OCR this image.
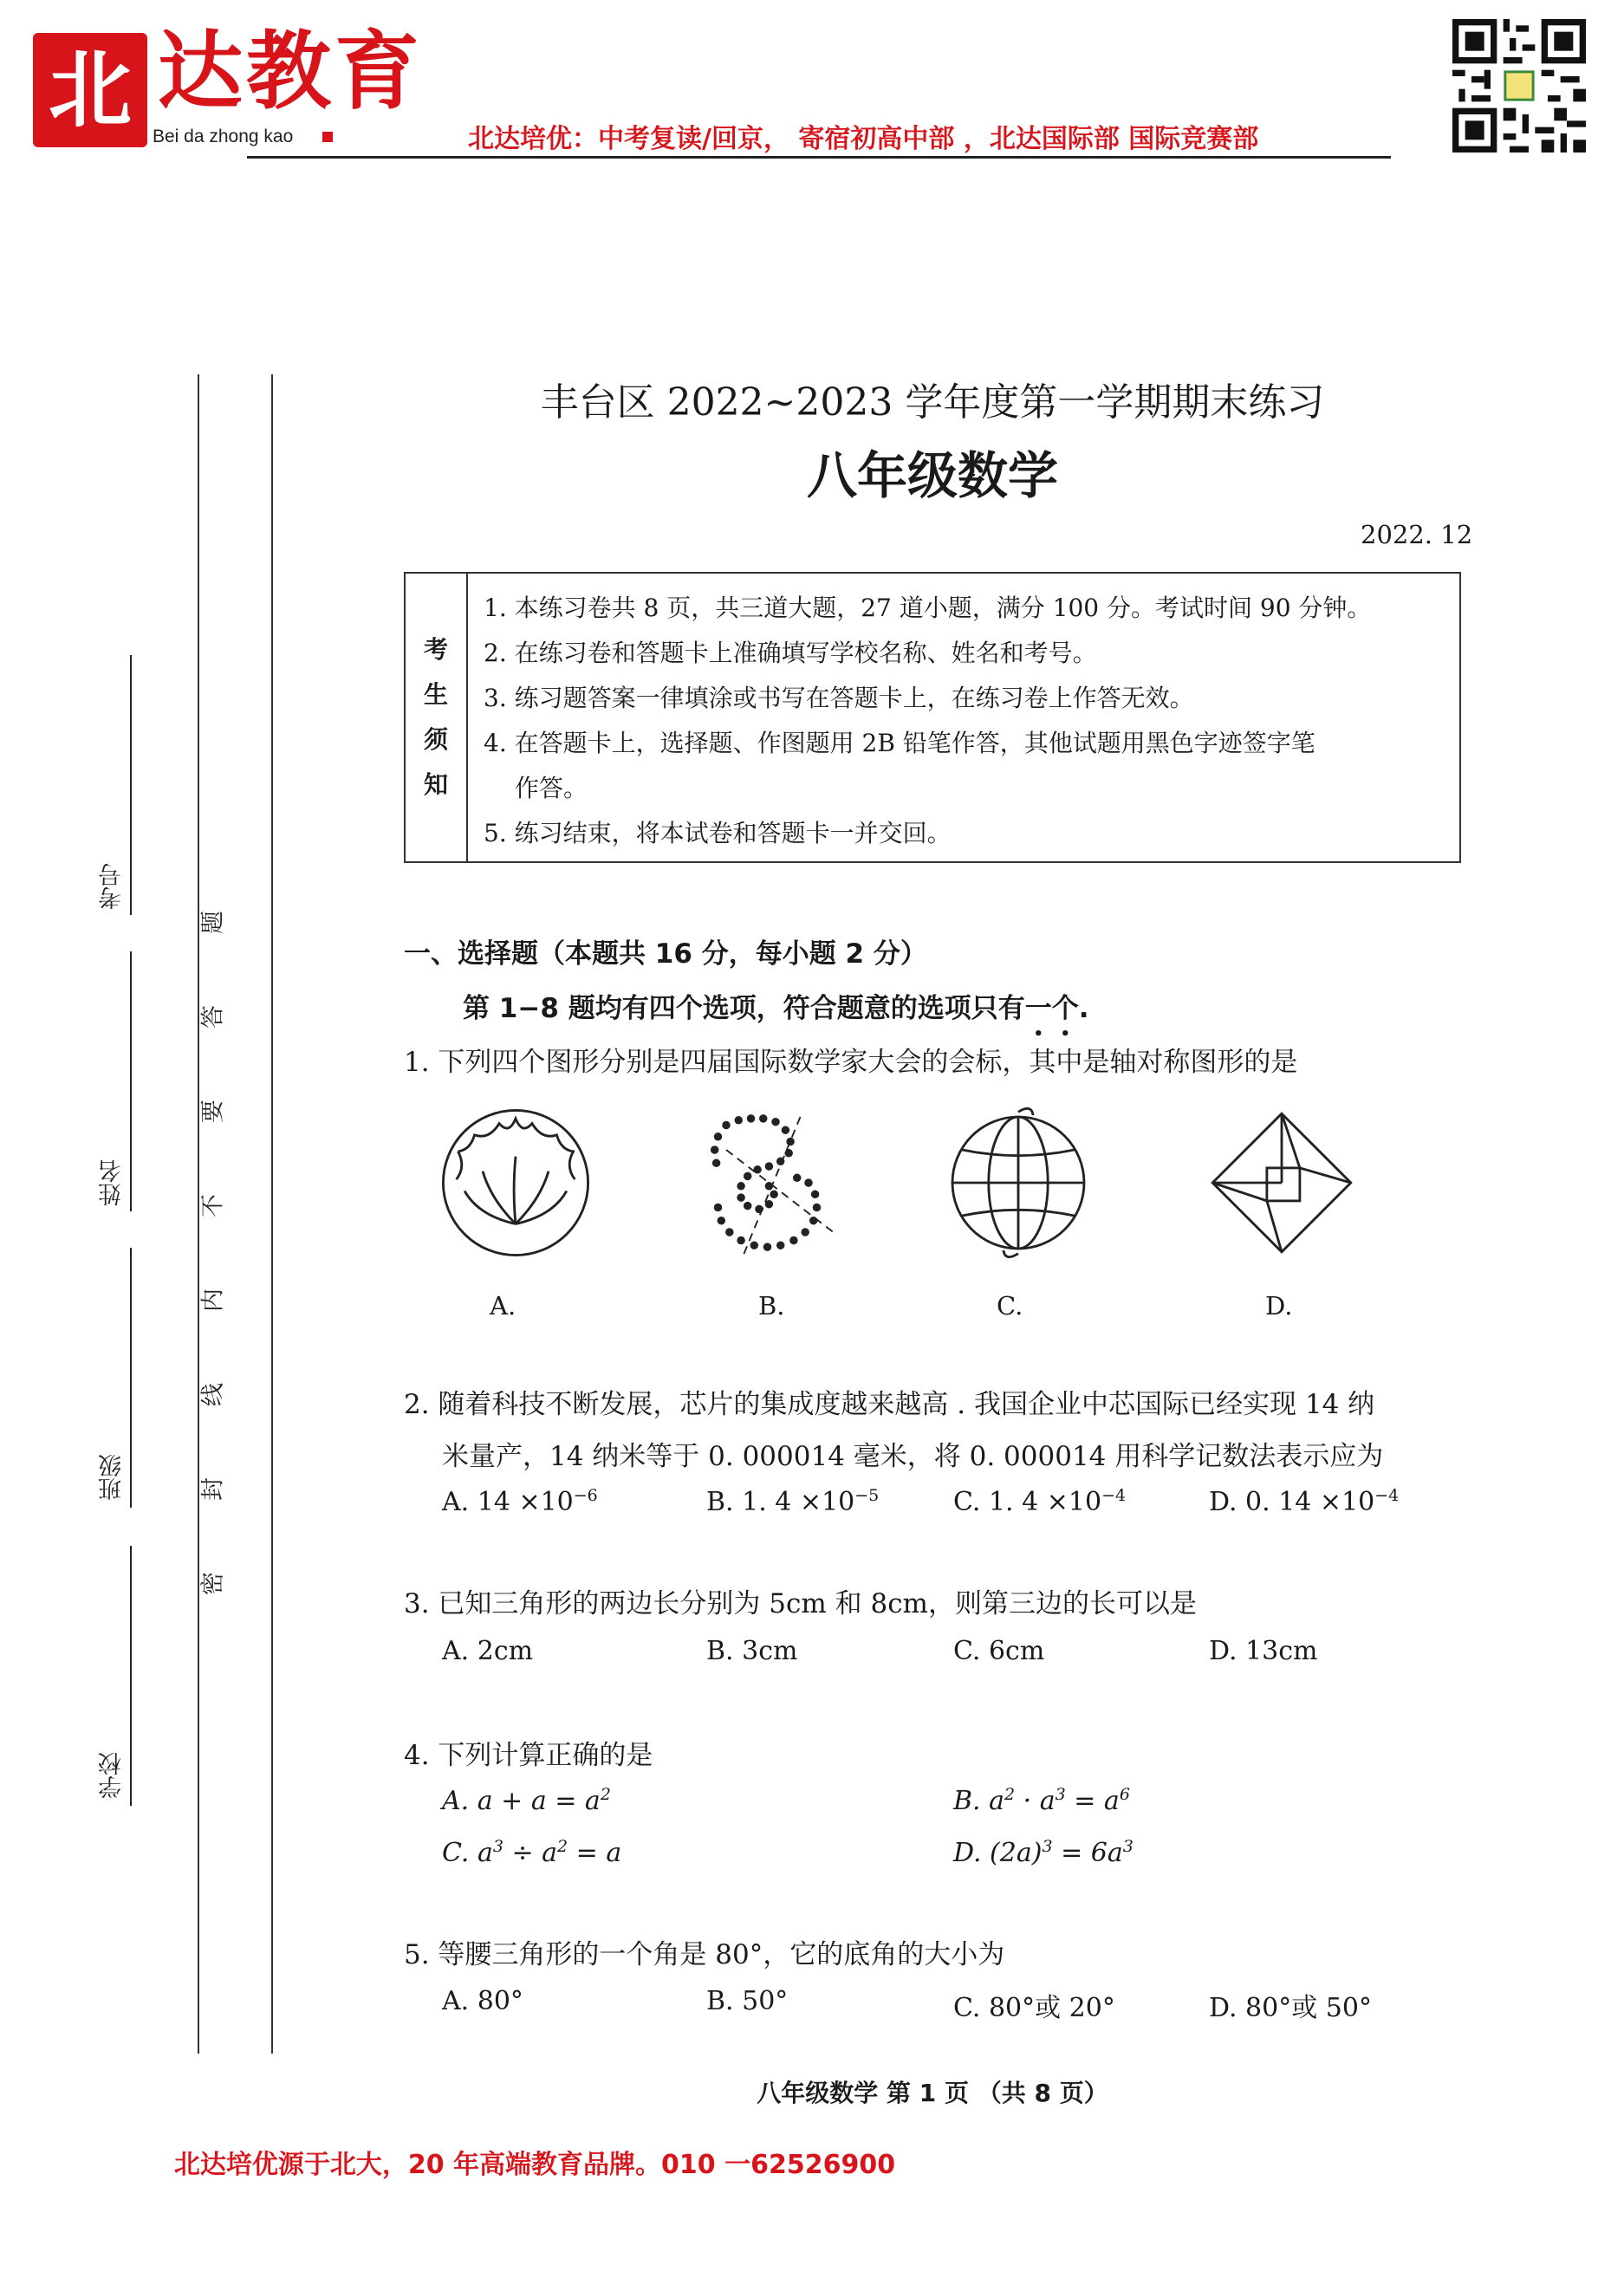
北 达教育
Bei da zhong kao	北达培优：中考复读/回京， 寄宿初高中部 ，北达国际部 国际竞赛部
考号
姓名
班级
学校
题
答
要
不
内
线
封
密
丰台区 2022~2023 学年度第一学期期末练习
八年级数学
2022. 12
考
生
须
知
1. 本练习卷共 8 页，共三道大题，27 道小题，满分 100 分。考试时间 90 分钟。
2. 在练习卷和答题卡上准确填写学校名称、姓名和考号。
3. 练习题答案一律填涂或书写在答题卡上，在练习卷上作答无效。
4. 在答题卡上，选择题、作图题用 2B 铅笔作答，其他试题用黑色字迹签字笔
作答。
5. 练习结束，将本试卷和答题卡一并交回。
一、选择题（本题共 16 分，每小题 2 分）
第 1−8 题均有四个选项，符合题意的选项只有一个.
1. 下列四个图形分别是四届国际数学家大会的会标，其中是轴对称图形的是
A.	B.	C.	D.
2. 随着科技不断发展，芯片的集成度越来越高 . 我国企业中芯国际已经实现 14 纳
米量产，14 纳米等于 0. 000014 毫米，将 0. 000014 用科学记数法表示应为
A. $14 \times 10^{-6}$	B. 1. $4 \times 10^{-5}$	C. 1. $4 \times 10^{-4}$	D. 0. $14 \times 10^{-4}$
3. 已知三角形的两边长分别为 5cm 和 8cm，则第三边的长可以是
A. 2cm	B. 3cm	C. 6cm	D. 13cm
4. 下列计算正确的是
A. $a + a = a^2$	B. $a^2 \cdot a^3 = a^6$
C. $a^3 \div a^2 = a$	D. $(2a)^3 = 6a^3$
5. 等腰三角形的一个角是 80°，它的底角的大小为
A. 80°	B. 50°	C. 80°或 20°	D. 80°或 50°
八年级数学 第 1 页 （共 8 页）
北达培优源于北大，20 年高端教育品牌。010 一62526900
